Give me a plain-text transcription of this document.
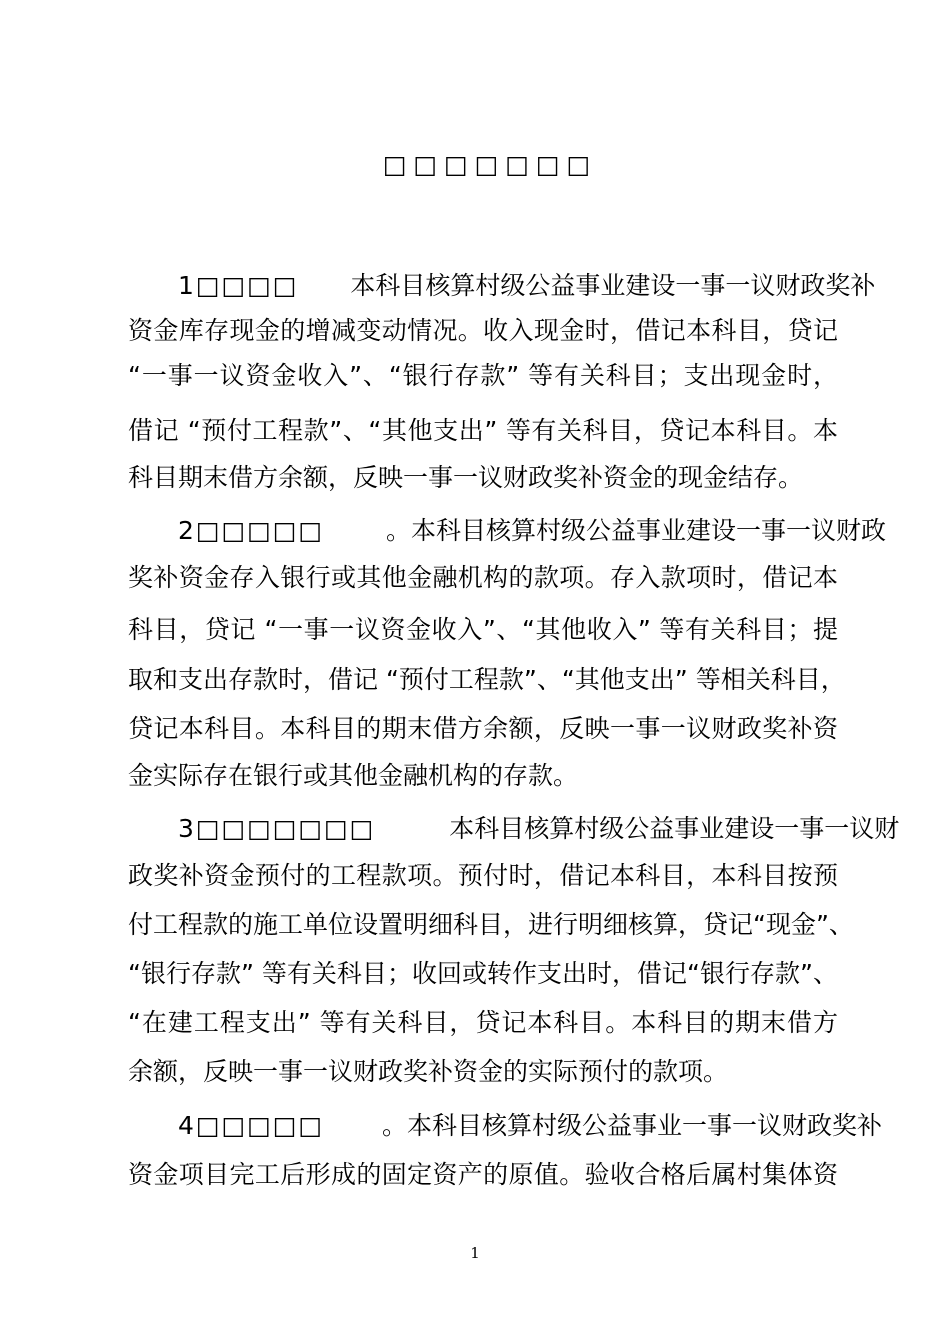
□□□□□□□
1□□□□ 本科目核算村级公益事业建设一事一议财政奖补
资金库存现金的增减变动情况。收入现金时，借记本科目，贷记
“一事一议资金收入”、“银行存款” 等有关科目；支出现金时，
借记 “预付工程款”、“其他支出” 等有关科目，贷记本科目。本
科目期末借方余额，反映一事一议财政奖补资金的现金结存。
2□□□□□ 。本科目核算村级公益事业建设一事一议财政
奖补资金存入银行或其他金融机构的款项。存入款项时，借记本
科目，贷记 “一事一议资金收入”、“其他收入” 等有关科目；提
取和支出存款时，借记 “预付工程款”、“其他支出” 等相关科目，
贷记本科目。本科目的期末借方余额，反映一事一议财政奖补资
金实际存在银行或其他金融机构的存款。
3□□□□□□□	本科目核算村级公益事业建设一事一议财
政奖补资金预付的工程款项。预付时，借记本科目，本科目按预
付工程款的施工单位设置明细科目，进行明细核算，贷记“现金”、
“银行存款” 等有关科目；收回或转作支出时，借记“银行存款”、
“在建工程支出” 等有关科目，贷记本科目。本科目的期末借方
余额，反映一事一议财政奖补资金的实际预付的款项。
4□□□□□ 。本科目核算村级公益事业一事一议财政奖补
资金项目完工后形成的固定资产的原值。验收合格后属村集体资
1
